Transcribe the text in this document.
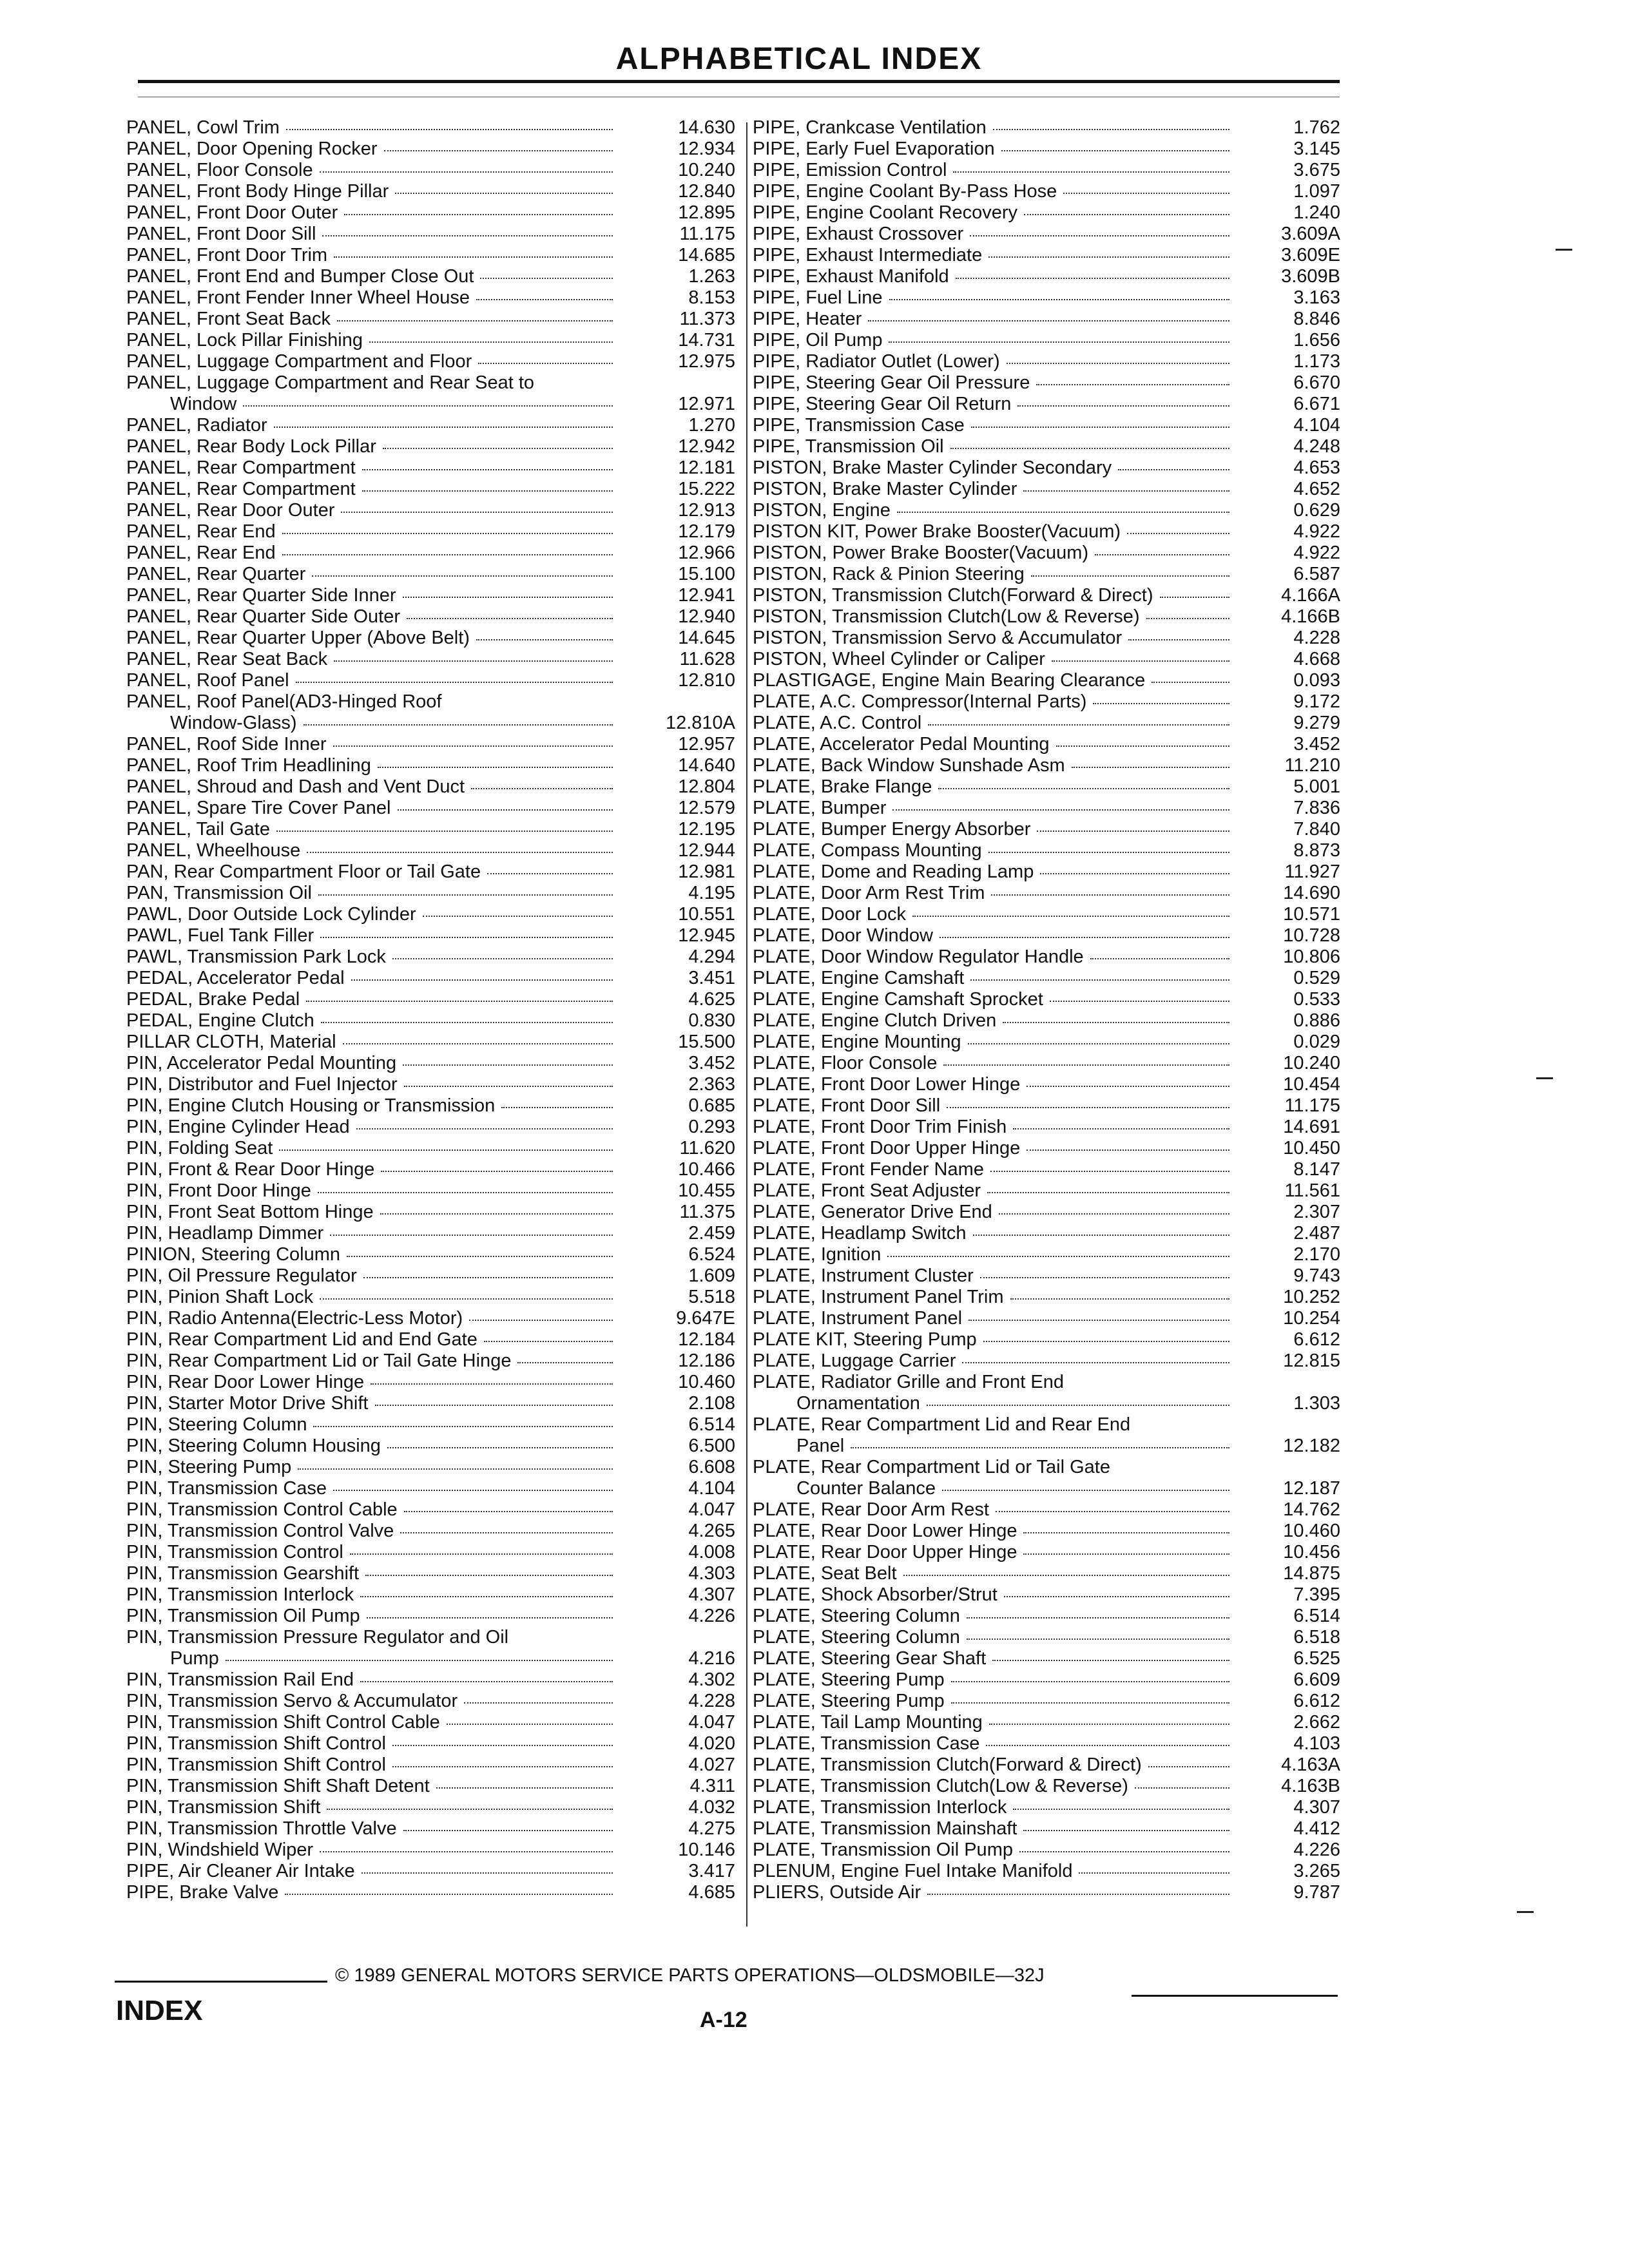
ALPHABETICAL INDEX
PANEL, Cowl Trim	14.630
PANEL, Door Opening Rocker	12.934
PANEL, Floor Console	10.240
PANEL, Front Body Hinge Pillar	12.840
PANEL, Front Door Outer	12.895
PANEL, Front Door Sill	11.175
PANEL, Front Door Trim	14.685
PANEL, Front End and Bumper Close Out	1.263
PANEL, Front Fender Inner Wheel House	8.153
PANEL, Front Seat Back	11.373
PANEL, Lock Pillar Finishing	14.731
PANEL, Luggage Compartment and Floor	12.975
PANEL, Luggage Compartment and Rear Seat to
Window	12.971
PANEL, Radiator	1.270
PANEL, Rear Body Lock Pillar	12.942
PANEL, Rear Compartment	12.181
PANEL, Rear Compartment	15.222
PANEL, Rear Door Outer	12.913
PANEL, Rear End	12.179
PANEL, Rear End	12.966
PANEL, Rear Quarter	15.100
PANEL, Rear Quarter Side Inner	12.941
PANEL, Rear Quarter Side Outer	12.940
PANEL, Rear Quarter Upper (Above Belt)	14.645
PANEL, Rear Seat Back	11.628
PANEL, Roof Panel	12.810
PANEL, Roof Panel(AD3-Hinged Roof
Window-Glass)	12.810A
PANEL, Roof Side Inner	12.957
PANEL, Roof Trim Headlining	14.640
PANEL, Shroud and Dash and Vent Duct	12.804
PANEL, Spare Tire Cover Panel	12.579
PANEL, Tail Gate	12.195
PANEL, Wheelhouse	12.944
PAN, Rear Compartment Floor or Tail Gate	12.981
PAN, Transmission Oil	4.195
PAWL, Door Outside Lock Cylinder	10.551
PAWL, Fuel Tank Filler	12.945
PAWL, Transmission Park Lock	4.294
PEDAL, Accelerator Pedal	3.451
PEDAL, Brake Pedal	4.625
PEDAL, Engine Clutch	0.830
PILLAR CLOTH, Material	15.500
PIN, Accelerator Pedal Mounting	3.452
PIN, Distributor and Fuel Injector	2.363
PIN, Engine Clutch Housing or Transmission	0.685
PIN, Engine Cylinder Head	0.293
PIN, Folding Seat	11.620
PIN, Front & Rear Door Hinge	10.466
PIN, Front Door Hinge	10.455
PIN, Front Seat Bottom Hinge	11.375
PIN, Headlamp Dimmer	2.459
PINION, Steering Column	6.524
PIN, Oil Pressure Regulator	1.609
PIN, Pinion Shaft Lock	5.518
PIN, Radio Antenna(Electric-Less Motor)	9.647E
PIN, Rear Compartment Lid and End Gate	12.184
PIN, Rear Compartment Lid or Tail Gate Hinge	12.186
PIN, Rear Door Lower Hinge	10.460
PIN, Starter Motor Drive Shift	2.108
PIN, Steering Column	6.514
PIN, Steering Column Housing	6.500
PIN, Steering Pump	6.608
PIN, Transmission Case	4.104
PIN, Transmission Control Cable	4.047
PIN, Transmission Control Valve	4.265
PIN, Transmission Control	4.008
PIN, Transmission Gearshift	4.303
PIN, Transmission Interlock	4.307
PIN, Transmission Oil Pump	4.226
PIN, Transmission Pressure Regulator and Oil
Pump	4.216
PIN, Transmission Rail End	4.302
PIN, Transmission Servo & Accumulator	4.228
PIN, Transmission Shift Control Cable	4.047
PIN, Transmission Shift Control	4.020
PIN, Transmission Shift Control	4.027
PIN, Transmission Shift Shaft Detent	4.311
PIN, Transmission Shift	4.032
PIN, Transmission Throttle Valve	4.275
PIN, Windshield Wiper	10.146
PIPE, Air Cleaner Air Intake	3.417
PIPE, Brake Valve	4.685
PIPE, Crankcase Ventilation	1.762
PIPE, Early Fuel Evaporation	3.145
PIPE, Emission Control	3.675
PIPE, Engine Coolant By-Pass Hose	1.097
PIPE, Engine Coolant Recovery	1.240
PIPE, Exhaust Crossover	3.609A
PIPE, Exhaust Intermediate	3.609E
PIPE, Exhaust Manifold	3.609B
PIPE, Fuel Line	3.163
PIPE, Heater	8.846
PIPE, Oil Pump	1.656
PIPE, Radiator Outlet (Lower)	1.173
PIPE, Steering Gear Oil Pressure	6.670
PIPE, Steering Gear Oil Return	6.671
PIPE, Transmission Case	4.104
PIPE, Transmission Oil	4.248
PISTON, Brake Master Cylinder Secondary	4.653
PISTON, Brake Master Cylinder	4.652
PISTON, Engine	0.629
PISTON KIT, Power Brake Booster(Vacuum)	4.922
PISTON, Power Brake Booster(Vacuum)	4.922
PISTON, Rack & Pinion Steering	6.587
PISTON, Transmission Clutch(Forward & Direct)	4.166A
PISTON, Transmission Clutch(Low & Reverse)	4.166B
PISTON, Transmission Servo & Accumulator	4.228
PISTON, Wheel Cylinder or Caliper	4.668
PLASTIGAGE, Engine Main Bearing Clearance	0.093
PLATE, A.C. Compressor(Internal Parts)	9.172
PLATE, A.C. Control	9.279
PLATE, Accelerator Pedal Mounting	3.452
PLATE, Back Window Sunshade Asm	11.210
PLATE, Brake Flange	5.001
PLATE, Bumper	7.836
PLATE, Bumper Energy Absorber	7.840
PLATE, Compass Mounting	8.873
PLATE, Dome and Reading Lamp	11.927
PLATE, Door Arm Rest Trim	14.690
PLATE, Door Lock	10.571
PLATE, Door Window	10.728
PLATE, Door Window Regulator Handle	10.806
PLATE, Engine Camshaft	0.529
PLATE, Engine Camshaft Sprocket	0.533
PLATE, Engine Clutch Driven	0.886
PLATE, Engine Mounting	0.029
PLATE, Floor Console	10.240
PLATE, Front Door Lower Hinge	10.454
PLATE, Front Door Sill	11.175
PLATE, Front Door Trim Finish	14.691
PLATE, Front Door Upper Hinge	10.450
PLATE, Front Fender Name	8.147
PLATE, Front Seat Adjuster	11.561
PLATE, Generator Drive End	2.307
PLATE, Headlamp Switch	2.487
PLATE, Ignition	2.170
PLATE, Instrument Cluster	9.743
PLATE, Instrument Panel Trim	10.252
PLATE, Instrument Panel	10.254
PLATE KIT, Steering Pump	6.612
PLATE, Luggage Carrier	12.815
PLATE, Radiator Grille and Front End
Ornamentation	1.303
PLATE, Rear Compartment Lid and Rear End
Panel	12.182
PLATE, Rear Compartment Lid or Tail Gate
Counter Balance	12.187
PLATE, Rear Door Arm Rest	14.762
PLATE, Rear Door Lower Hinge	10.460
PLATE, Rear Door Upper Hinge	10.456
PLATE, Seat Belt	14.875
PLATE, Shock Absorber/Strut	7.395
PLATE, Steering Column	6.514
PLATE, Steering Column	6.518
PLATE, Steering Gear Shaft	6.525
PLATE, Steering Pump	6.609
PLATE, Steering Pump	6.612
PLATE, Tail Lamp Mounting	2.662
PLATE, Transmission Case	4.103
PLATE, Transmission Clutch(Forward & Direct)	4.163A
PLATE, Transmission Clutch(Low & Reverse)	4.163B
PLATE, Transmission Interlock	4.307
PLATE, Transmission Mainshaft	4.412
PLATE, Transmission Oil Pump	4.226
PLENUM, Engine Fuel Intake Manifold	3.265
PLIERS, Outside Air	9.787
© 1989 GENERAL MOTORS SERVICE PARTS OPERATIONS—OLDSMOBILE—32J
INDEX	A-12
